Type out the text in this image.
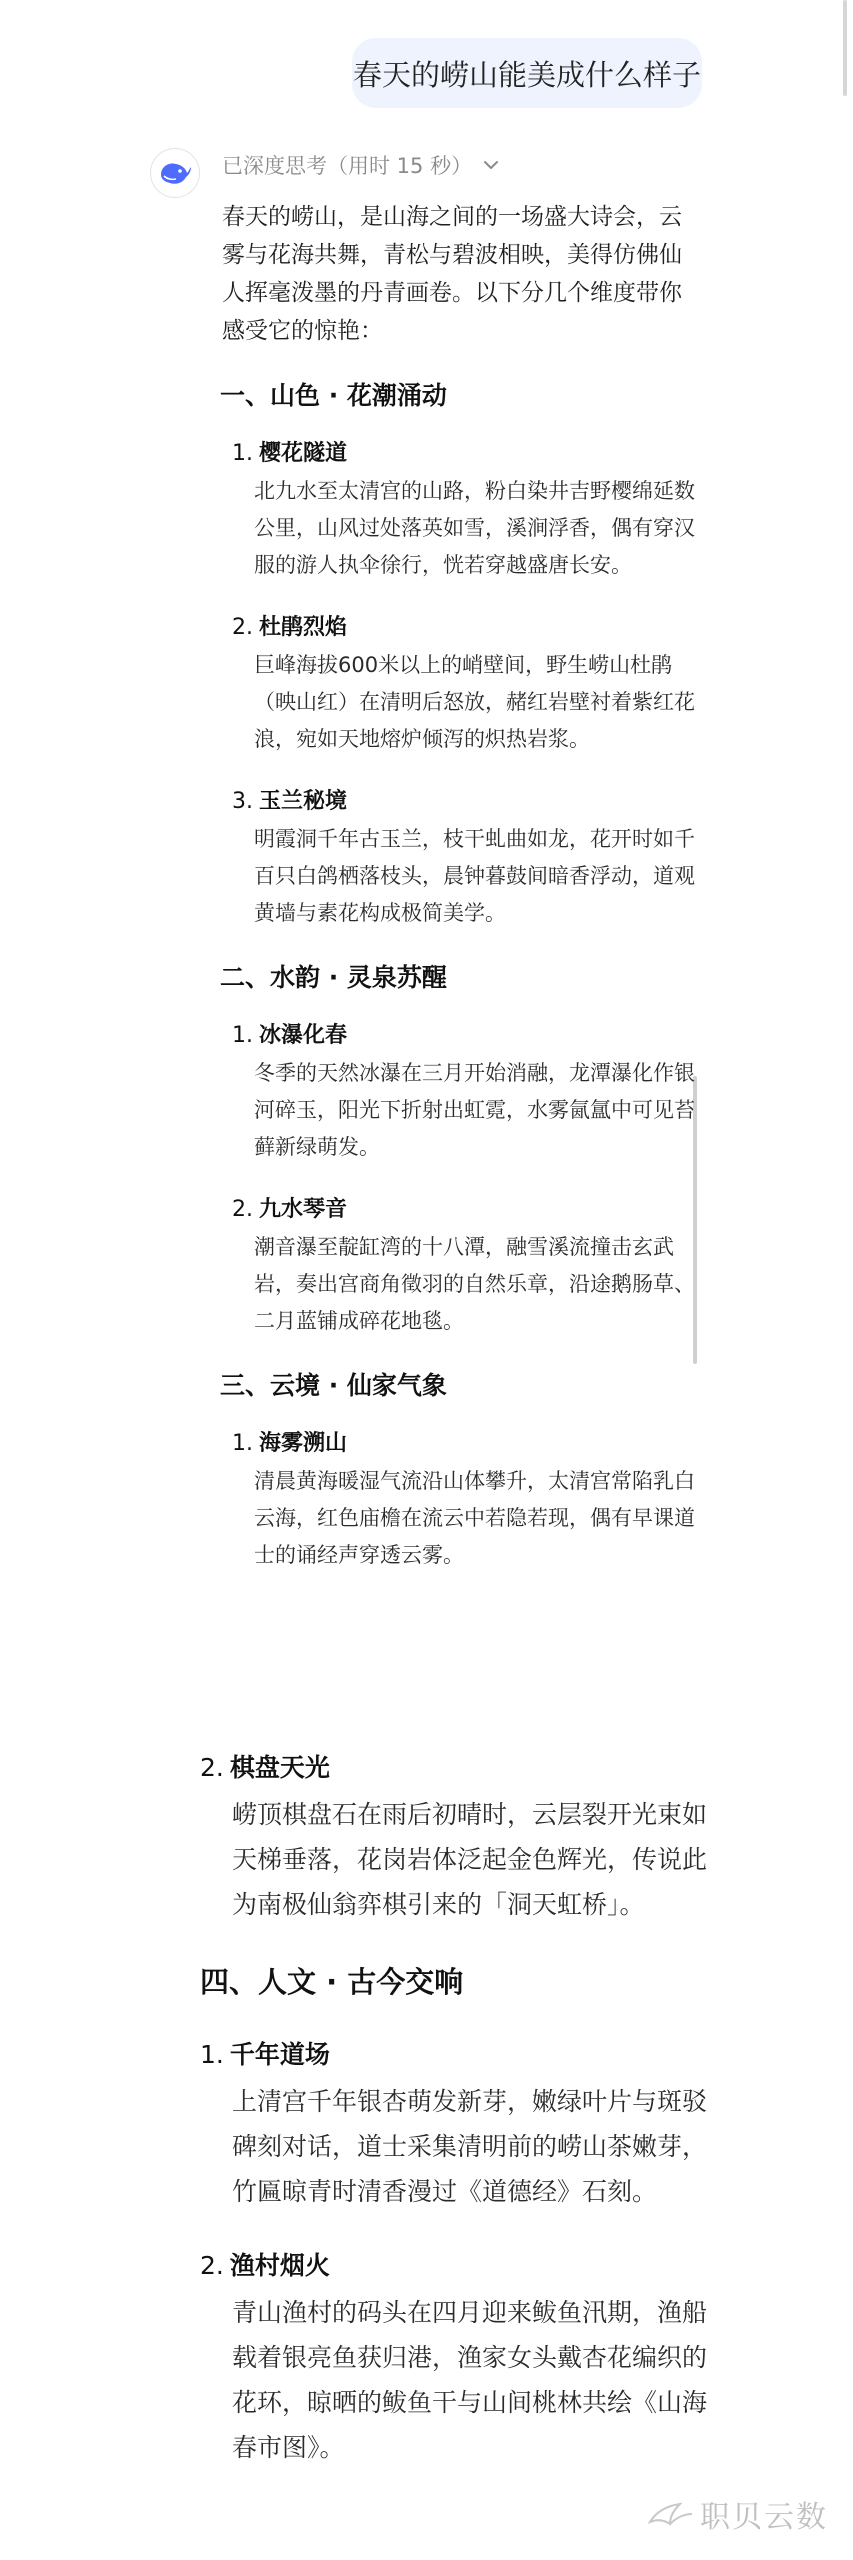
春天的崂山能美成什么样子
已深度思考（用时 15 秒）

春天的崂山，是山海之间的一场盛大诗会，云雾与花海共舞，青松与碧波相映，美得仿佛仙人挥毫泼墨的丹青画卷。以下分几个维度带你感受它的惊艳：

一、山色 · 花潮涌动
1. 樱花隧道
北九水至太清宫的山路，粉白染井吉野樱绵延数公里，山风过处落英如雪，溪涧浮香，偶有穿汉服的游人执伞徐行，恍若穿越盛唐长安。
2. 杜鹃烈焰
巨峰海拔600米以上的峭壁间，野生崂山杜鹃（映山红）在清明后怒放，赭红岩壁衬着紫红花浪，宛如天地熔炉倾泻的炽热岩浆。
3. 玉兰秘境
明霞洞千年古玉兰，枝干虬曲如龙，花开时如千百只白鸽栖落枝头，晨钟暮鼓间暗香浮动，道观黄墙与素花构成极简美学。
二、水韵 · 灵泉苏醒
1. 冰瀑化春
冬季的天然冰瀑在三月开始消融，龙潭瀑化作银河碎玉，阳光下折射出虹霓，水雾氤氲中可见苔藓新绿萌发。
2. 九水琴音
潮音瀑至靛缸湾的十八潭，融雪溪流撞击玄武岩，奏出宫商角徵羽的自然乐章，沿途鹅肠草、二月蓝铺成碎花地毯。
三、云境 · 仙家气象
1. 海雾溯山
清晨黄海暖湿气流沿山体攀升，太清宫常陷乳白云海，红色庙檐在流云中若隐若现，偶有早课道士的诵经声穿透云雾。
2. 棋盘天光
崂顶棋盘石在雨后初晴时，云层裂开光束如天梯垂落，花岗岩体泛起金色辉光，传说此为南极仙翁弈棋引来的「洞天虹桥」。
四、人文 · 古今交响
1. 千年道场
上清宫千年银杏萌发新芽，嫩绿叶片与斑驳碑刻对话，道士采集清明前的崂山茶嫩芽，竹匾晾青时清香漫过《道德经》石刻。
2. 渔村烟火
青山渔村的码头在四月迎来鲅鱼汛期，渔船载着银亮鱼获归港，渔家女头戴杏花编织的花环，晾晒的鲅鱼干与山间桃林共绘《山海春市图》。
职贝云数
